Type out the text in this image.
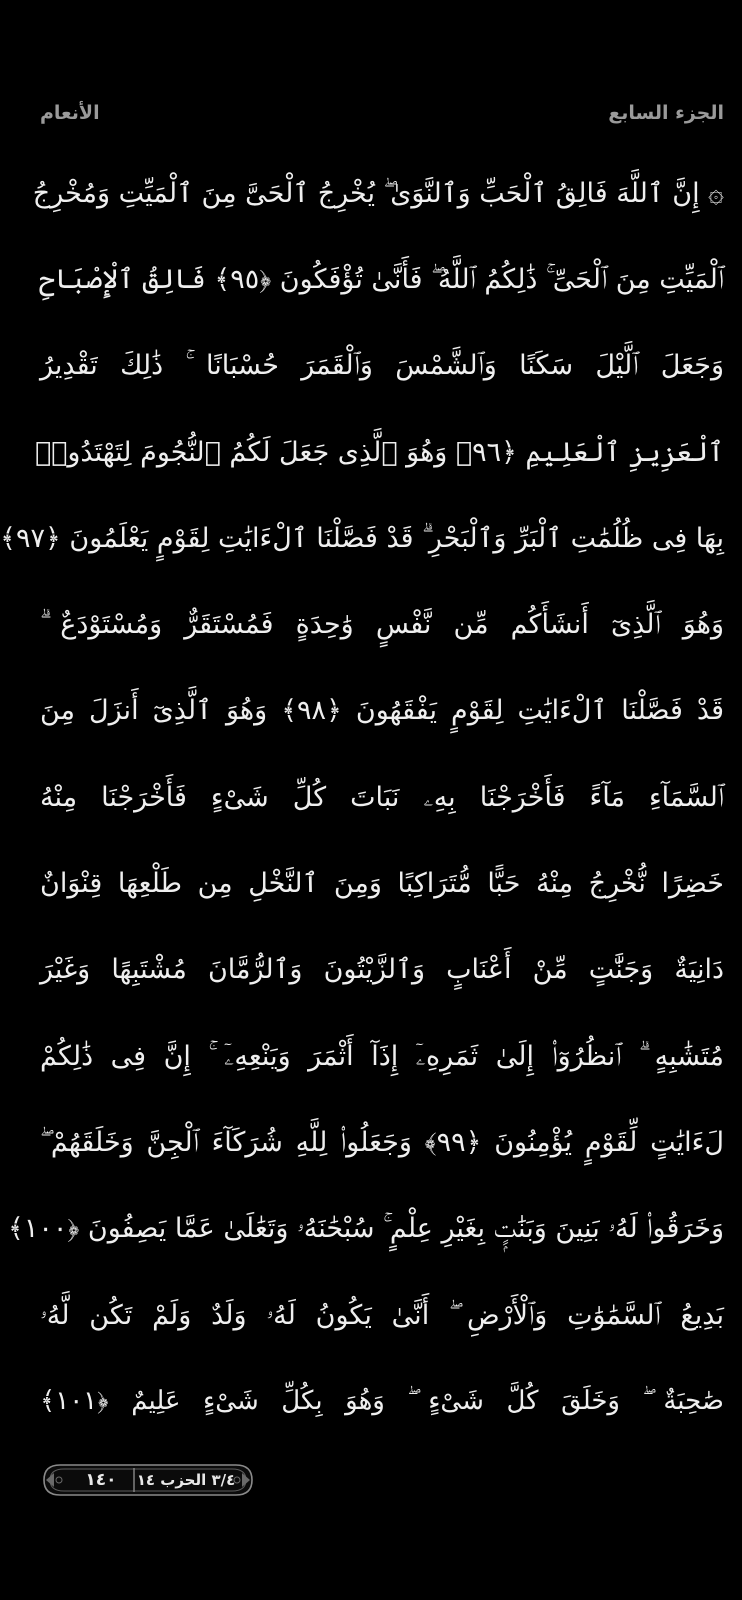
الجزء السابع
الأنعام
۞ إِنَّ ٱللَّهَ فَالِقُ ٱلْحَبِّ وَٱلنَّوَىٰ ۖ يُخْرِجُ ٱلْحَىَّ مِنَ ٱلْمَيِّتِ وَمُخْرِجُ
ٱلْمَيِّتِ مِنَ ٱلْحَىِّ ۚ ذَٰلِكُمُ ٱللَّهُ ۖ فَأَنَّىٰ تُؤْفَكُونَ ﴿٩٥﴾ فَالِقُ ٱلْإِصْبَاحِ
وَجَعَلَ ٱلَّيْلَ سَكَنًا وَٱلشَّمْسَ وَٱلْقَمَرَ حُسْبَانًا ۚ ذَٰلِكَ تَقْدِيرُ
ٱلْعَزِيزِ ٱلْعَلِيمِ ﴿٩٦﴾ وَهُوَ ٱلَّذِى جَعَلَ لَكُمُ ٱلنُّجُومَ لِتَهْتَدُوا۟
بِهَا فِى ظُلُمَٰتِ ٱلْبَرِّ وَٱلْبَحْرِ ۗ قَدْ فَصَّلْنَا ٱلْءَايَٰتِ لِقَوْمٍ يَعْلَمُونَ ﴿٩٧﴾
وَهُوَ ٱلَّذِىٓ أَنشَأَكُم مِّن نَّفْسٍ وَٰحِدَةٍ فَمُسْتَقَرٌّ وَمُسْتَوْدَعٌ ۗ
قَدْ فَصَّلْنَا ٱلْءَايَٰتِ لِقَوْمٍ يَفْقَهُونَ ﴿٩٨﴾ وَهُوَ ٱلَّذِىٓ أَنزَلَ مِنَ
ٱلسَّمَآءِ مَآءً فَأَخْرَجْنَا بِهِۦ نَبَاتَ كُلِّ شَىْءٍ فَأَخْرَجْنَا مِنْهُ
خَضِرًا نُّخْرِجُ مِنْهُ حَبًّا مُّتَرَاكِبًا وَمِنَ ٱلنَّخْلِ مِن طَلْعِهَا قِنْوَانٌ
دَانِيَةٌ وَجَنَّٰتٍ مِّنْ أَعْنَابٍ وَٱلزَّيْتُونَ وَٱلرُّمَّانَ مُشْتَبِهًا وَغَيْرَ
مُتَشَٰبِهٍ ۗ ٱنظُرُوٓا۟ إِلَىٰ ثَمَرِهِۦٓ إِذَآ أَثْمَرَ وَيَنْعِهِۦٓ ۚ إِنَّ فِى ذَٰلِكُمْ
لَءَايَٰتٍ لِّقَوْمٍ يُؤْمِنُونَ ﴿٩٩﴾ وَجَعَلُوا۟ لِلَّهِ شُرَكَآءَ ٱلْجِنَّ وَخَلَقَهُمْ ۖ
وَخَرَقُوا۟ لَهُۥ بَنِينَ وَبَنَٰتٍۭ بِغَيْرِ عِلْمٍ ۚ سُبْحَٰنَهُۥ وَتَعَٰلَىٰ عَمَّا يَصِفُونَ ﴿١٠٠﴾
بَدِيعُ ٱلسَّمَٰوَٰتِ وَٱلْأَرْضِ ۖ أَنَّىٰ يَكُونُ لَهُۥ وَلَدٌ وَلَمْ تَكُن لَّهُۥ
صَٰحِبَةٌ ۖ وَخَلَقَ كُلَّ شَىْءٍ ۖ وَهُوَ بِكُلِّ شَىْءٍ عَلِيمٌ ﴿١٠١﴾
١٤٠	٣/٤ الحزب ١٤
